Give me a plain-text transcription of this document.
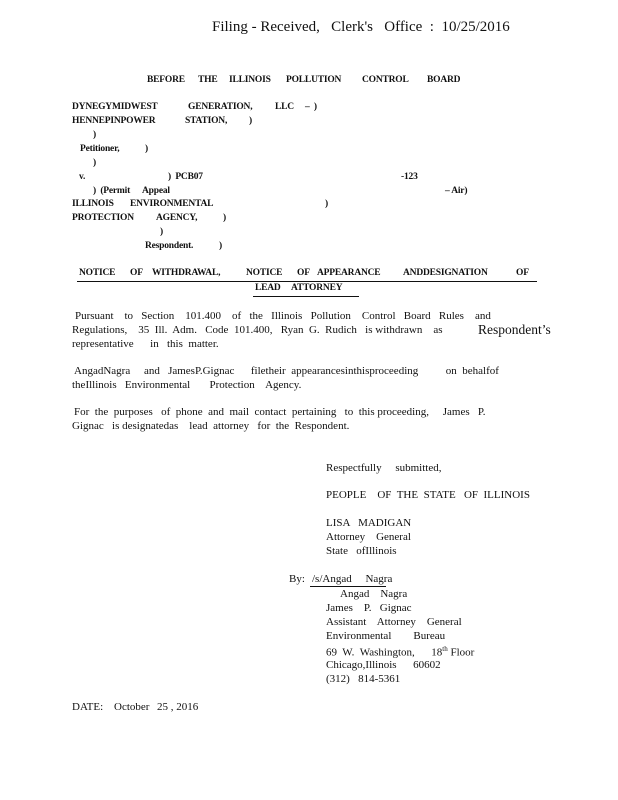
Filing - Received,   Clerk's   Office  :  10/25/2016
BEFORE THE ILLINOIS POLLUTION CONTROL BOARD
DYNEGYMIDWEST	GENERATION, LLC –  )
HENNEPINPOWER	STATION, )
)
Petitioner,	)
)
v.	)  PCB07	-123
)  (Permit Appeal	– Air)
ILLINOIS ENVIRONMENTAL	)
PROTECTION AGENCY,	)
)
Respondent.	)
NOTICE OF WITHDRAWAL,	NOTICE OF APPEARANCE ANDDESIGNATION	OF
LEAD ATTORNEY
Pursuant    to   Section    101.400    of   the   Illinois   Pollution    Control   Board   Rules    and
Regulations,    35  Ill.  Adm.   Code  101.400,   Ryan  G.  Rudich   is withdrawn    as	Respondent’s
representative      in   this  matter.
AngadNagra     and   JamesP.Gignac      filetheir  appearancesinthisproceeding          on  behalfof
theIllinois   Environmental       Protection    Agency.
For  the  purposes   of  phone  and  mail  contact  pertaining   to  this proceeding,     James   P.
Gignac   is designatedas    lead  attorney   for  the  Respondent.
Respectfully     submitted,
PEOPLE    OF  THE  STATE   OF  ILLINOIS
LISA   MADIGAN
Attorney    General
State   ofIllinois
By: /s/Angad     Nagra
Angad    Nagra
James    P.   Gignac
Assistant    Attorney    General
Environmental        Bureau
69  W.  Washington,      18th Floor
Chicago,Illinois      60602
(312)   814-5361
DATE: October 25 , 2016
